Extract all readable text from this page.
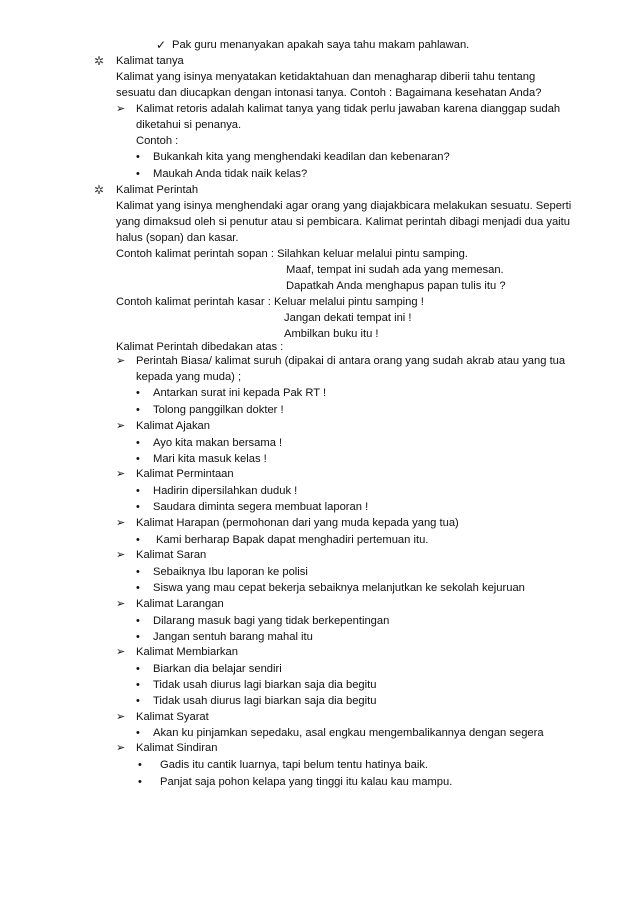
✓
✲
➢
•
•
✲
➢
•
•
➢
•
•
➢
•
•
➢
•
➢
•
•
➢
•
•
➢
•
•
•
➢
•
➢
•
•
Pak guru menanyakan apakah saya tahu makam pahlawan.
Kalimat tanya
Kalimat yang isinya menyatakan ketidaktahuan dan menagharap diberii tahu tentang
sesuatu dan diucapkan dengan intonasi tanya. Contoh : Bagaimana kesehatan Anda?
Kalimat retoris adalah kalimat tanya yang tidak perlu jawaban karena dianggap sudah
diketahui si penanya.
Contoh :
Bukankah kita yang menghendaki keadilan dan kebenaran?
Maukah Anda tidak naik kelas?
Kalimat Perintah
Kalimat yang isinya menghendaki agar orang yang diajakbicara melakukan sesuatu. Seperti
yang dimaksud oleh si penutur atau si pembicara. Kalimat perintah dibagi menjadi dua yaitu
halus (sopan) dan kasar.
Contoh kalimat perintah sopan : Silahkan keluar melalui pintu samping.
Maaf, tempat ini sudah ada yang memesan.
Dapatkah Anda menghapus papan tulis itu ?
Contoh kalimat perintah kasar : Keluar melalui pintu samping !
Jangan dekati tempat ini !
Ambilkan buku itu !
Kalimat Perintah dibedakan atas :
Perintah Biasa/ kalimat suruh (dipakai di antara orang yang sudah akrab atau yang tua
kepada yang muda) ;
Antarkan surat ini kepada Pak RT !
Tolong panggilkan dokter !
Kalimat Ajakan
Ayo kita makan bersama !
Mari kita masuk kelas !
Kalimat Permintaan
Hadirin dipersilahkan duduk !
Saudara diminta segera membuat laporan !
Kalimat Harapan (permohonan dari yang muda kepada yang tua)
Kami berharap Bapak dapat menghadiri pertemuan itu.
Kalimat Saran
Sebaiknya Ibu laporan ke polisi
Siswa yang mau cepat bekerja sebaiknya melanjutkan ke sekolah kejuruan
Kalimat Larangan
Dilarang masuk bagi yang tidak berkepentingan
Jangan sentuh barang mahal itu
Kalimat Membiarkan
Biarkan dia belajar sendiri
Tidak usah diurus lagi biarkan saja dia begitu
Tidak usah diurus lagi biarkan saja dia begitu
Kalimat Syarat
Akan ku pinjamkan sepedaku, asal engkau mengembalikannya dengan segera
Kalimat Sindiran
Gadis itu cantik luarnya, tapi belum tentu hatinya baik.
Panjat saja pohon kelapa yang tinggi itu kalau kau mampu.
